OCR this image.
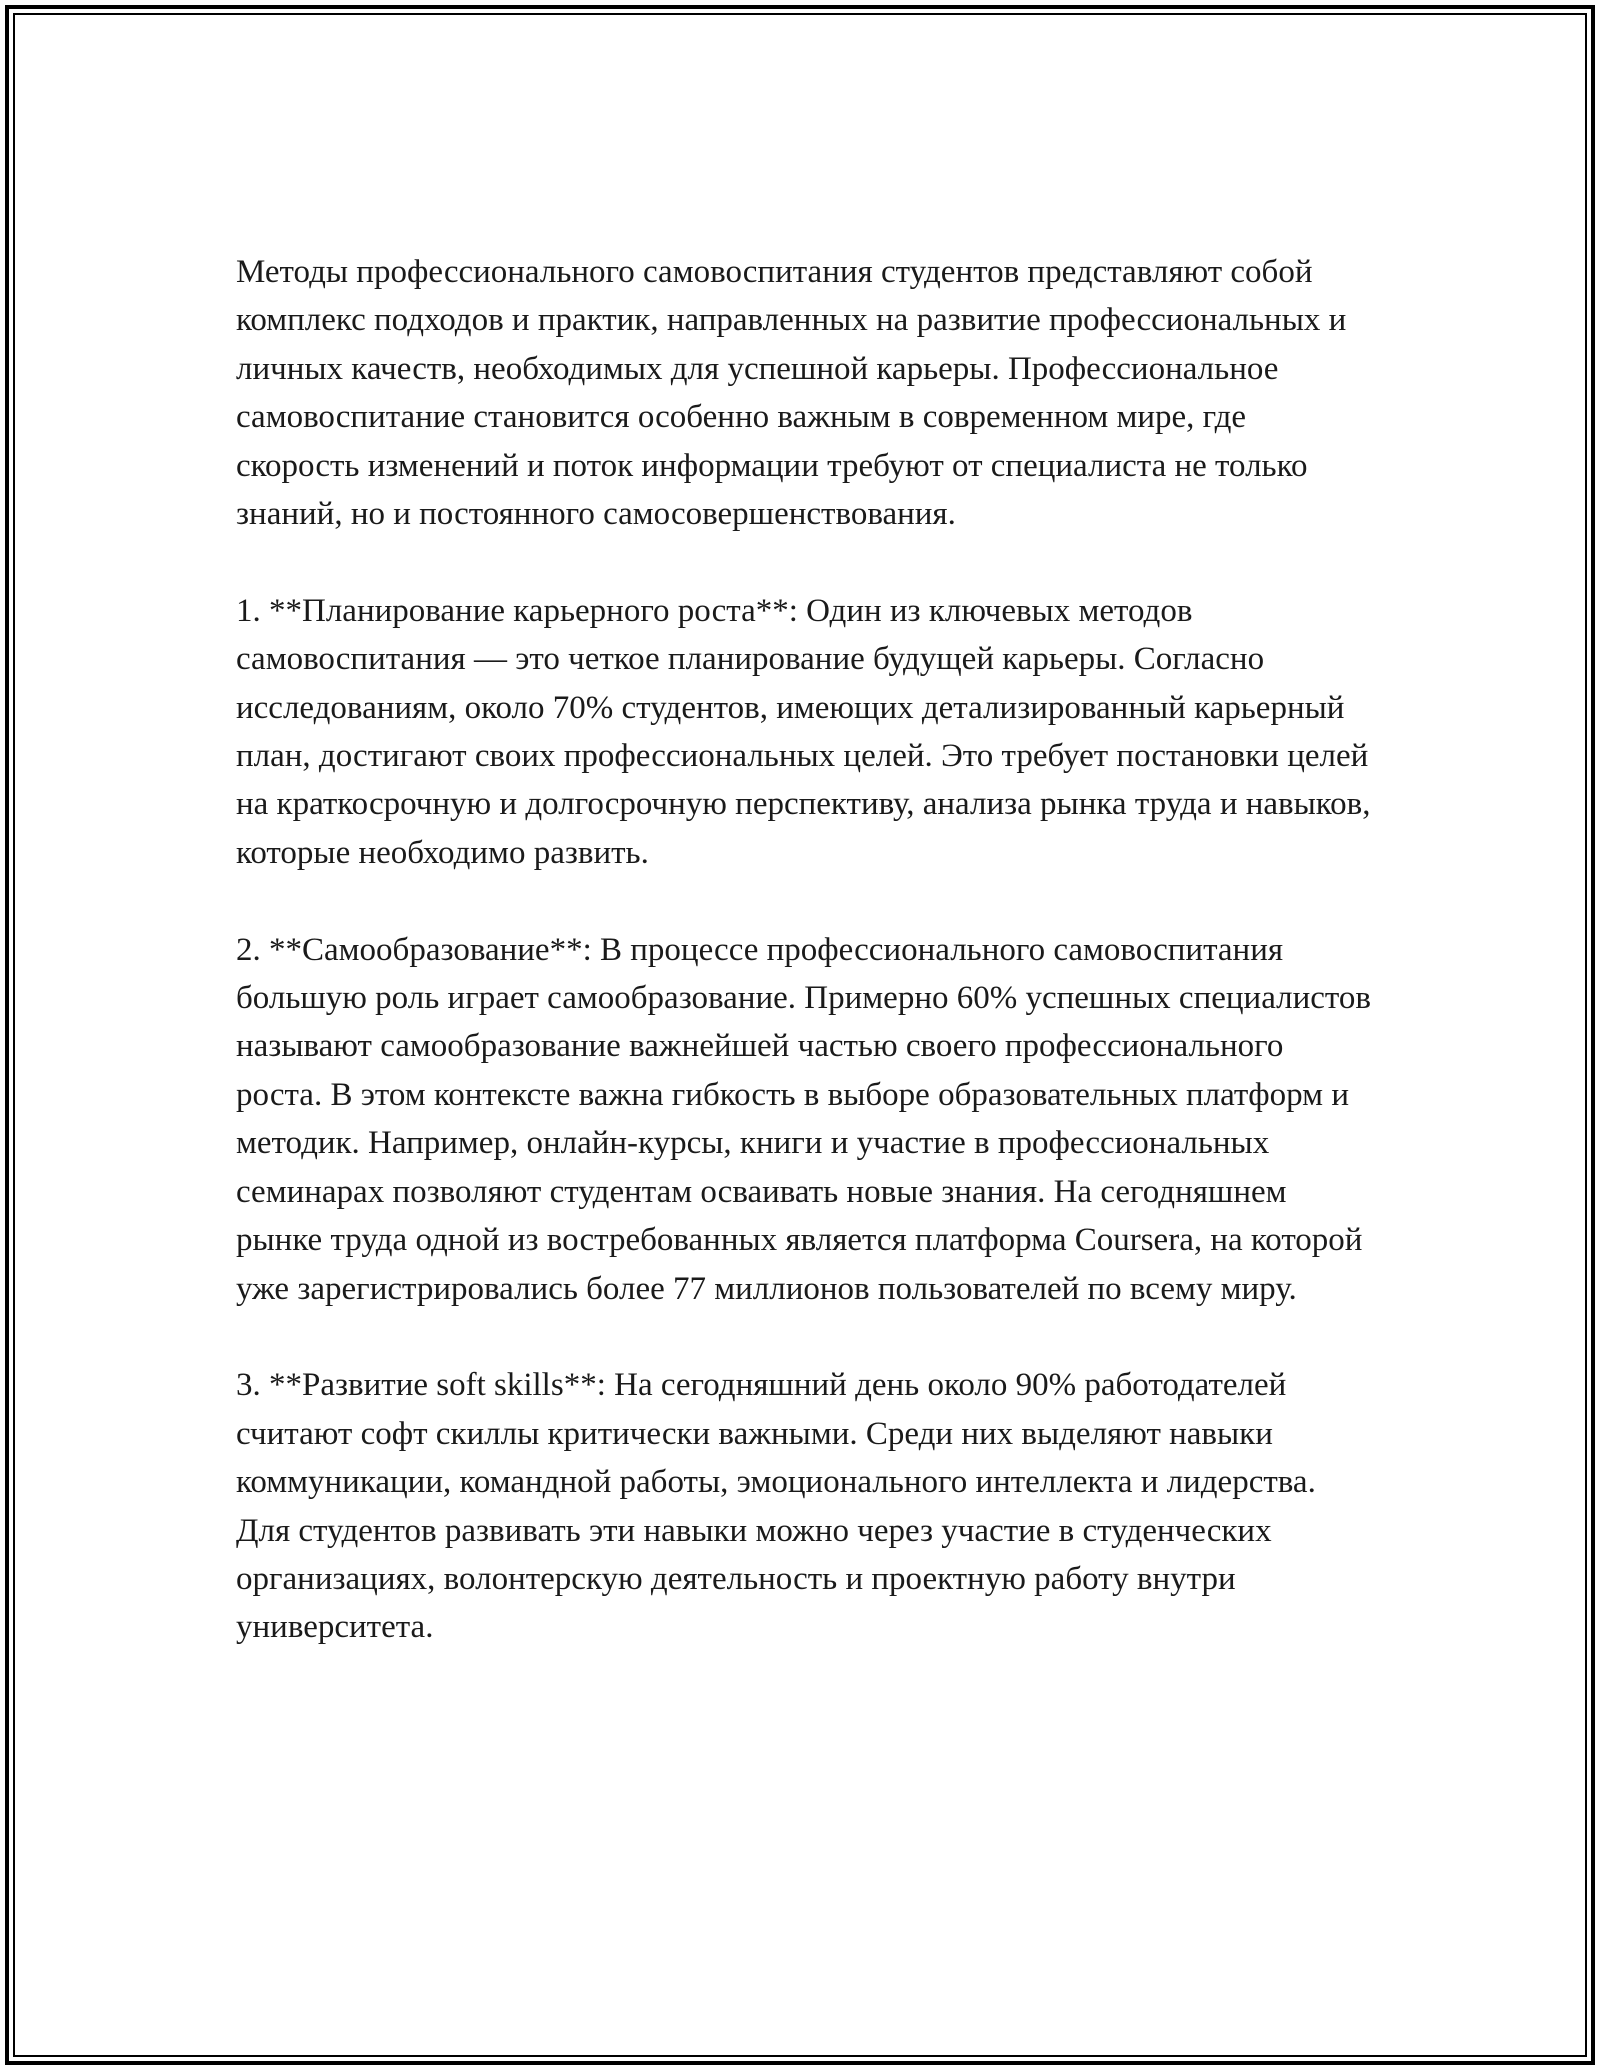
Методы профессионального самовоспитания студентов представляют собой комплекс подходов и практик, направленных на развитие профессиональных и личных качеств, необходимых для успешной карьеры. Профессиональное самовоспитание становится особенно важным в современном мире, где скорость изменений и поток информации требуют от специалиста не только знаний, но и постоянного самосовершенствования.

1. **Планирование карьерного роста**: Один из ключевых методов самовоспитания — это четкое планирование будущей карьеры. Согласно исследованиям, около 70% студентов, имеющих детализированный карьерный план, достигают своих профессиональных целей. Это требует постановки целей на краткосрочную и долгосрочную перспективу, анализа рынка труда и навыков, которые необходимо развить.

2. **Самообразование**: В процессе профессионального самовоспитания большую роль играет самообразование. Примерно 60% успешных специалистов называют самообразование важнейшей частью своего профессионального роста. В этом контексте важна гибкость в выборе образовательных платформ и методик. Например, онлайн-курсы, книги и участие в профессиональных семинарах позволяют студентам осваивать новые знания. На сегодняшнем рынке труда одной из востребованных является платформа Coursera, на которой уже зарегистрировались более 77 миллионов пользователей по всему миру.

3. **Развитие soft skills**: На сегодняшний день около 90% работодателей считают софт скиллы критически важными. Среди них выделяют навыки коммуникации, командной работы, эмоционального интеллекта и лидерства. Для студентов развивать эти навыки можно через участие в студенческих организациях, волонтерскую деятельность и проектную работу внутри университета.
